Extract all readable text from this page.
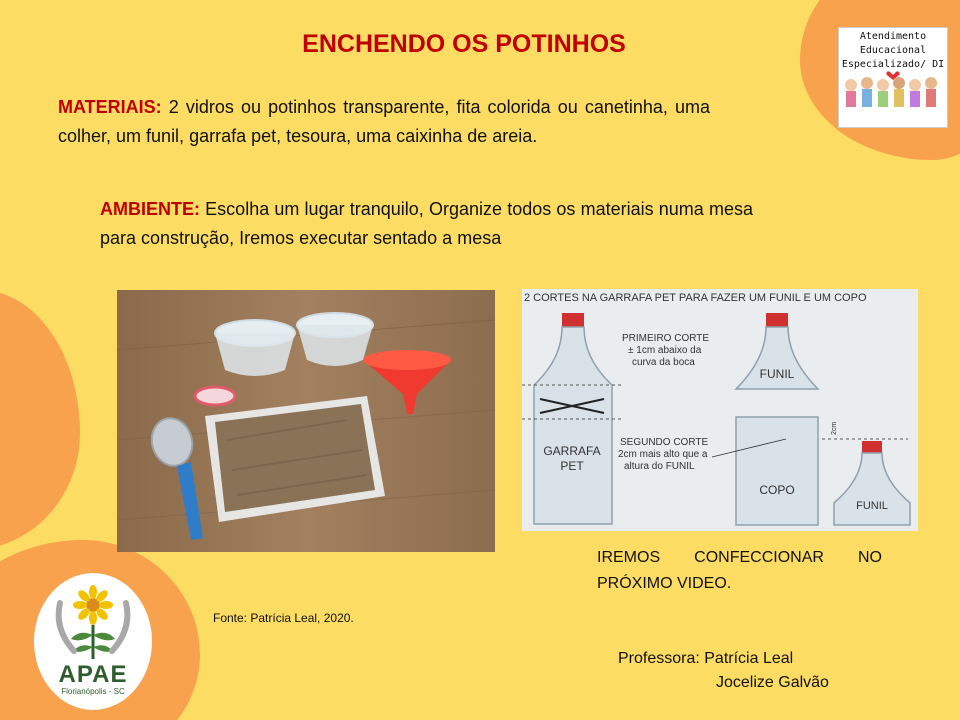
ENCHENDO OS POTINHOS
MATERIAIS: 2 vidros ou potinhos transparente, fita colorida ou canetinha, uma colher, um funil, garrafa pet, tesoura, uma caixinha de areia.
AMBIENTE: Escolha um lugar tranquilo, Organize todos os materiais numa mesa para construção, Iremos executar sentado a mesa
2 CORTES NA GARRAFA PET PARA FAZER UM FUNIL E UM COPO
GARRAFA
PET
FUNIL
COPO
FUNIL
2cm
PRIMEIRO CORTE
± 1cm abaixo da
curva da boca
SEGUNDO CORTE
2cm mais alto que a
altura do FUNIL
IREMOS CONFECCIONAR NO
PRÓXIMO VIDEO.
Fonte: Patrícia Leal, 2020.
Professora: Patrícia Leal
Jocelize Galvão
Atendimento
Educacional
Especializado/ DI
APAE
Florianópolis - SC
